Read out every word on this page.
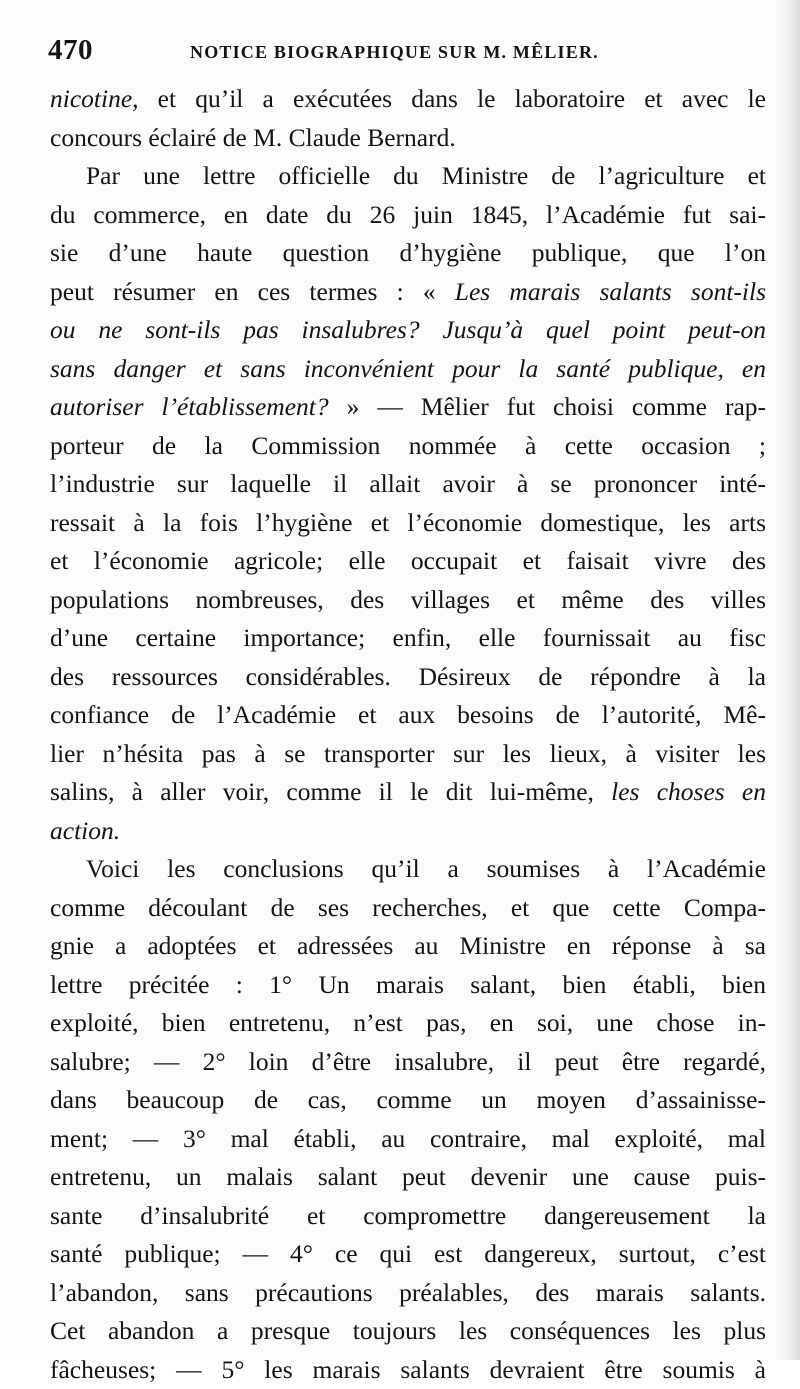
470	NOTICE BIOGRAPHIQUE SUR M. MÊLIER.
nicotine, et qu’il a exécutées dans le laboratoire et avec le
concours éclairé de M. Claude Bernard.
Par une lettre officielle du Ministre de l’agriculture et
du commerce, en date du 26 juin 1845, l’Académie fut sai-
sie d’une haute question d’hygiène publique, que l’on
peut résumer en ces termes : « Les marais salants sont-ils
ou ne sont-ils pas insalubres? Jusqu’à quel point peut-on
sans danger et sans inconvénient pour la santé publique, en
autoriser l’établissement? » — Mêlier fut choisi comme rap-
porteur de la Commission nommée à cette occasion ;
l’industrie sur laquelle il allait avoir à se prononcer inté-
ressait à la fois l’hygiène et l’économie domestique, les arts
et l’économie agricole; elle occupait et faisait vivre des
populations nombreuses, des villages et même des villes
d’une certaine importance; enfin, elle fournissait au fisc
des ressources considérables. Désireux de répondre à la
confiance de l’Académie et aux besoins de l’autorité, Mê-
lier n’hésita pas à se transporter sur les lieux, à visiter les
salins, à aller voir, comme il le dit lui-même, les choses en
action.
Voici les conclusions qu’il a soumises à l’Académie
comme découlant de ses recherches, et que cette Compa-
gnie a adoptées et adressées au Ministre en réponse à sa
lettre précitée : 1° Un marais salant, bien établi, bien
exploité, bien entretenu, n’est pas, en soi, une chose in-
salubre; — 2° loin d’être insalubre, il peut être regardé,
dans beaucoup de cas, comme un moyen d’assainisse-
ment; — 3° mal établi, au contraire, mal exploité, mal
entretenu, un malais salant peut devenir une cause puis-
sante d’insalubrité et compromettre dangereusement la
santé publique; — 4° ce qui est dangereux, surtout, c’est
l’abandon, sans précautions préalables, des marais salants.
Cet abandon a presque toujours les conséquences les plus
fâcheuses; — 5° les marais salants devraient être soumis à
